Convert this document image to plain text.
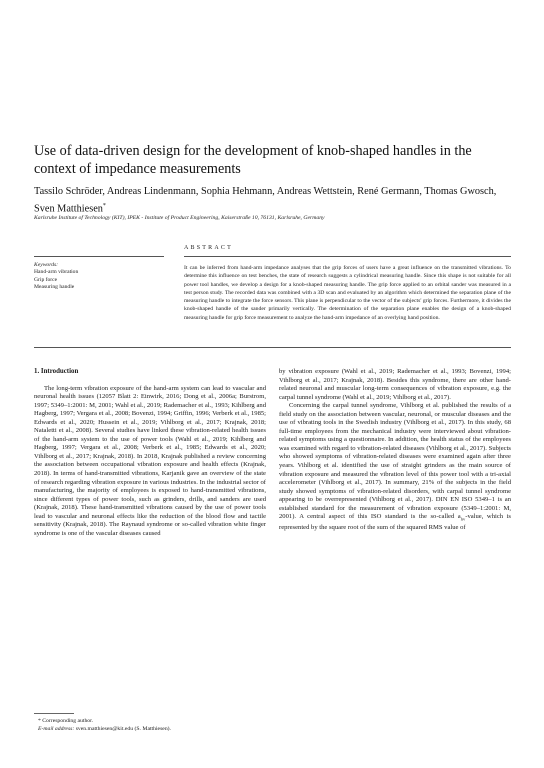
Use of data-driven design for the development of knob-shaped handles in the context of impedance measurements
Tassilo Schröder, Andreas Lindenmann, Sophia Hehmann, Andreas Wettstein, René Germann, Thomas Gwosch, Sven Matthiesen*
Karlsruhe Institute of Technology (KIT), IPEK - Institute of Product Engineering, Kaiserstraße 10, 76131, Karlsruhe, Germany
ABSTRACT
Keywords:
Hand-arm vibration
Grip force
Measuring handle
It can be inferred from hand-arm impedance analyses that the grip forces of users have a great influence on the transmitted vibrations. To determine this influence on test benches, the state of research suggests a cylindrical measuring handle. Since this shape is not suitable for all power tool handles, we develop a design for a knob-shaped measuring handle. The grip force applied to an orbital sander was measured in a test person study. The recorded data was combined with a 3D scan and evaluated by an algorithm which determined the separation plane of the measuring handle to integrate the force sensors. This plane is perpendicular to the vector of the subjects' grip forces. Furthermore, it divides the knob-shaped handle of the sander primarily vertically. The determination of the separation plane enables the design of a knob-shaped measuring handle for grip force measurement to analyze the hand-arm impedance of an overlying hand position.
1. Introduction

The long-term vibration exposure of the hand-arm system can lead to vascular and neuronal health issues (12057 Blatt 2: Einwirk, 2016; Dong et al., 2006a; Burstrom, 1997; 5349–1:2001: M, 2001; Wahl et al., 2019; Rademacher et al., 1993; Kihlberg and Hagberg, 1997; Vergara et al., 2008; Bovenzi, 1994; Griffin, 1996; Verberk et al., 1985; Edwards et al., 2020; Hussein et al., 2019; Vihlborg et al., 2017; Krajnak, 2018; Nataletti et al., 2008). Several studies have linked these vibration-related health issues of the hand-arm system to the use of power tools (Wahl et al., 2019; Kihlberg and Hagberg, 1997; Vergara et al., 2008; Verberk et al., 1985; Edwards et al., 2020; Vihlborg et al., 2017; Krajnak, 2018). In 2018, Krajnak published a review concerning the association between occupational vibration exposure and health effects (Krajnak, 2018). In terms of hand-transmitted vibrations, Karjanik gave an overview of the state of research regarding vibration exposure in various industries. In the industrial sector of manufacturing, the majority of employees is exposed to hand-transmitted vibrations, since different types of power tools, such as grinders, drills, and sanders are used (Krajnak, 2018). These hand-transmitted vibrations caused by the use of power tools lead to vascular and neuronal effects like the reduction of the blood flow and tactile sensitivity (Krajnak, 2018). The Raynaud syndrome or so-called vibration white finger syndrome is one of the vascular diseases caused

by vibration exposure (Wahl et al., 2019; Rademacher et al., 1993; Bovenzi, 1994; Vihlborg et al., 2017; Krajnak, 2018). Besides this syndrome, there are other hand-related neuronal and muscular long-term consequences of vibration exposure, e.g. the carpal tunnel syndrome (Wahl et al., 2019; Vihlborg et al., 2017).

Concerning the carpal tunnel syndrome, Vihlborg et al. published the results of a field study on the association between vascular, neuronal, or muscular diseases and the use of vibrating tools in the Swedish industry (Vihlborg et al., 2017). In this study, 68 full-time employees from the mechanical industry were interviewed about vibration-related symptoms using a questionnaire. In addition, the health status of the employees was examined with regard to vibration-related diseases (Vihlborg et al., 2017). Subjects who showed symptoms of vibration-related diseases were examined again after three years. Vihlborg et al. identified the use of straight grinders as the main source of vibration exposure and measured the vibration level of this power tool with a tri-axial accelerometer (Vihlborg et al., 2017). In summary, 21% of the subjects in the field study showed symptoms of vibration-related disorders, with carpal tunnel syndrome appearing to be overrepresented (Vihlborg et al., 2017). DIN EN ISO 5349–1 is an established standard for the measurement of vibration exposure (5349–1:2001: M, 2001). A central aspect of this ISO standard is the so-called $a_{hv}$-value, which is represented by the square root of the sum of the squared RMS value of

* Corresponding author.
E-mail address: sven.matthiesen@kit.edu (S. Matthiesen).
